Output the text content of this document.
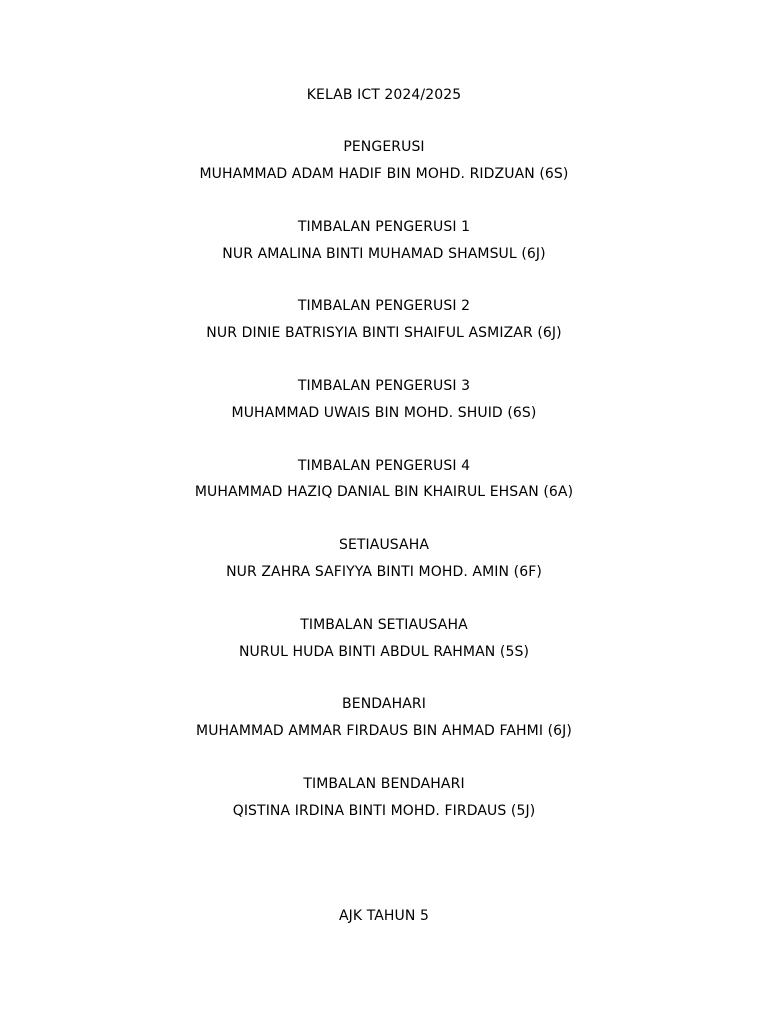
KELAB ICT 2024/2025
PENGERUSI
MUHAMMAD ADAM HADIF BIN MOHD. RIDZUAN (6S)
TIMBALAN PENGERUSI 1
NUR AMALINA BINTI MUHAMAD SHAMSUL (6J)
TIMBALAN PENGERUSI 2
NUR DINIE BATRISYIA BINTI SHAIFUL ASMIZAR (6J)
TIMBALAN PENGERUSI 3
MUHAMMAD UWAIS BIN MOHD. SHUID (6S)
TIMBALAN PENGERUSI 4
MUHAMMAD HAZIQ DANIAL BIN KHAIRUL EHSAN (6A)
SETIAUSAHA
NUR ZAHRA SAFIYYA BINTI MOHD. AMIN (6F)
TIMBALAN SETIAUSAHA
NURUL HUDA BINTI ABDUL RAHMAN (5S)
BENDAHARI
MUHAMMAD AMMAR FIRDAUS BIN AHMAD FAHMI (6J)
TIMBALAN BENDAHARI
QISTINA IRDINA BINTI MOHD. FIRDAUS (5J)
AJK TAHUN 5
